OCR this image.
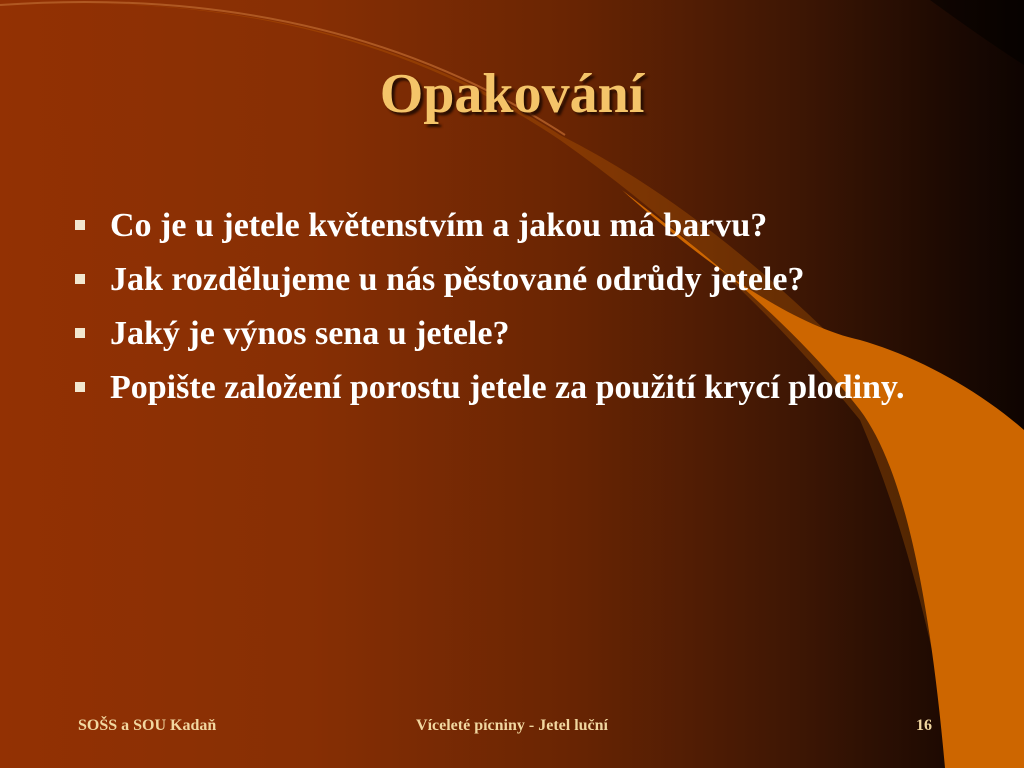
Opakování
Co je u jetele květenstvím a jakou má barvu?
Jak rozdělujeme u nás pěstované odrůdy jetele?
Jaký je výnos sena u jetele?
Popište založení porostu jetele za použití krycí plodiny.
SOŠS a SOU Kadaň	Víceleté pícniny - Jetel luční	16
